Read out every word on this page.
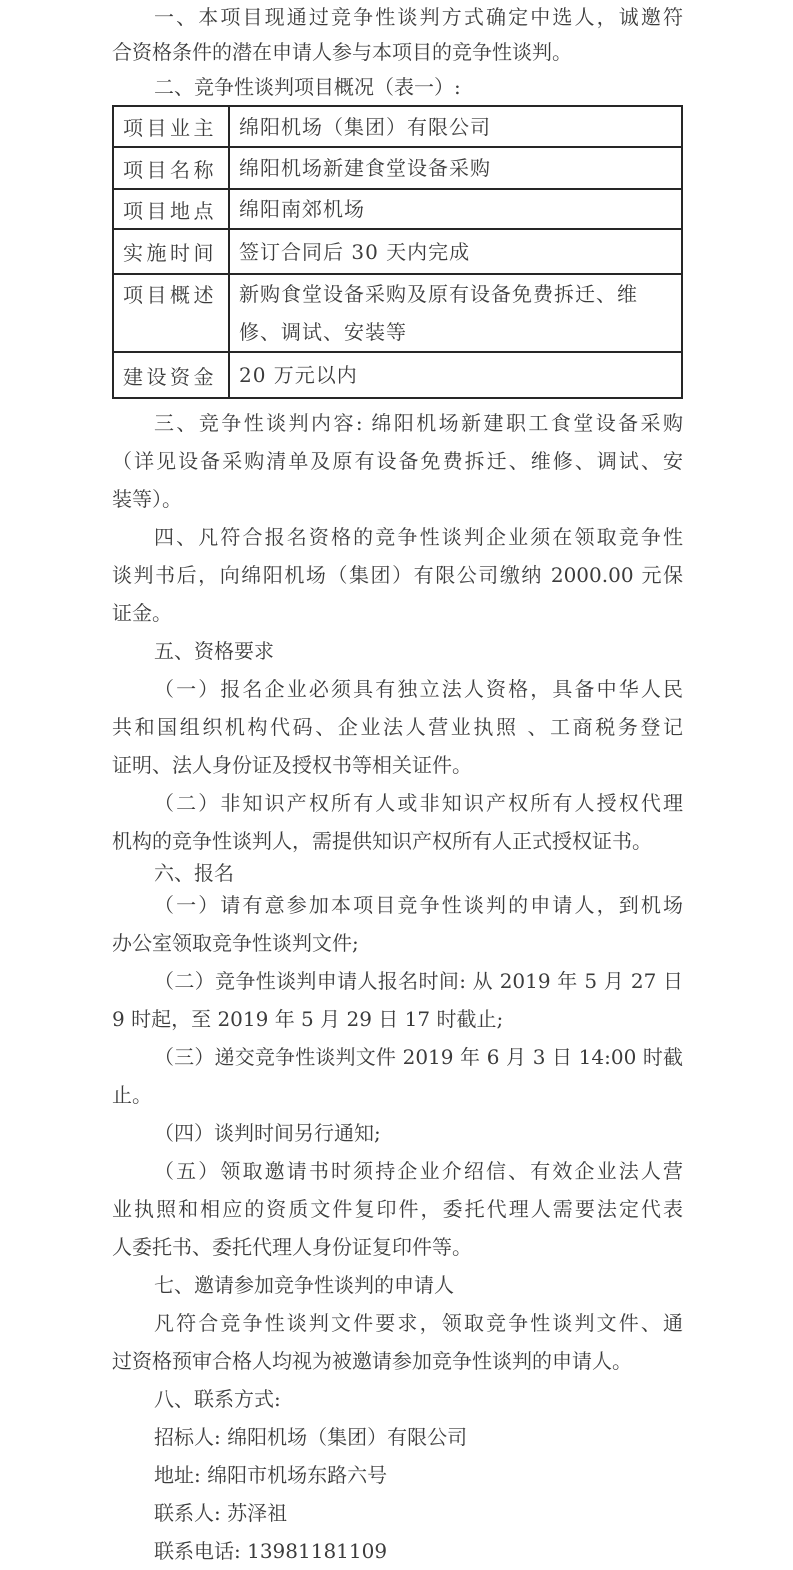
一、本项目现通过竞争性谈判方式确定中选人，诚邀符
合资格条件的潜在申请人参与本项目的竞争性谈判。
二、竞争性谈判项目概况（表一）:
项目业主	绵阳机场（集团）有限公司
项目名称	绵阳机场新建食堂设备采购
项目地点	绵阳南郊机场
实施时间	签订合同后 30 天内完成
项目概述	新购食堂设备采购及原有设备免费拆迁、维修、调试、安装等
建设资金	20 万元以内
三、竞争性谈判内容: 绵阳机场新建职工食堂设备采购
（详见设备采购清单及原有设备免费拆迁、维修、调试、安
装等）。
四、凡符合报名资格的竞争性谈判企业须在领取竞争性
谈判书后，向绵阳机场（集团）有限公司缴纳 2000.00 元保
证金。
五、资格要求
（一）报名企业必须具有独立法人资格，具备中华人民
共和国组织机构代码、企业法人营业执照 、工商税务登记
证明、法人身份证及授权书等相关证件。
（二）非知识产权所有人或非知识产权所有人授权代理
机构的竞争性谈判人，需提供知识产权所有人正式授权证书。
六、报名
（一）请有意参加本项目竞争性谈判的申请人，到机场
办公室领取竞争性谈判文件;
（二）竞争性谈判申请人报名时间: 从 2019 年 5 月 27 日
9 时起，至 2019 年 5 月 29 日 17 时截止;
（三）递交竞争性谈判文件 2019 年 6 月 3 日 14:00 时截
止。
（四）谈判时间另行通知;
（五）领取邀请书时须持企业介绍信、有效企业法人营
业执照和相应的资质文件复印件，委托代理人需要法定代表
人委托书、委托代理人身份证复印件等。
七、邀请参加竞争性谈判的申请人
凡符合竞争性谈判文件要求，领取竞争性谈判文件、通
过资格预审合格人均视为被邀请参加竞争性谈判的申请人。
八、联系方式:
招标人: 绵阳机场（集团）有限公司
地址: 绵阳市机场东路六号
联系人: 苏泽祖
联系电话: 13981181109
